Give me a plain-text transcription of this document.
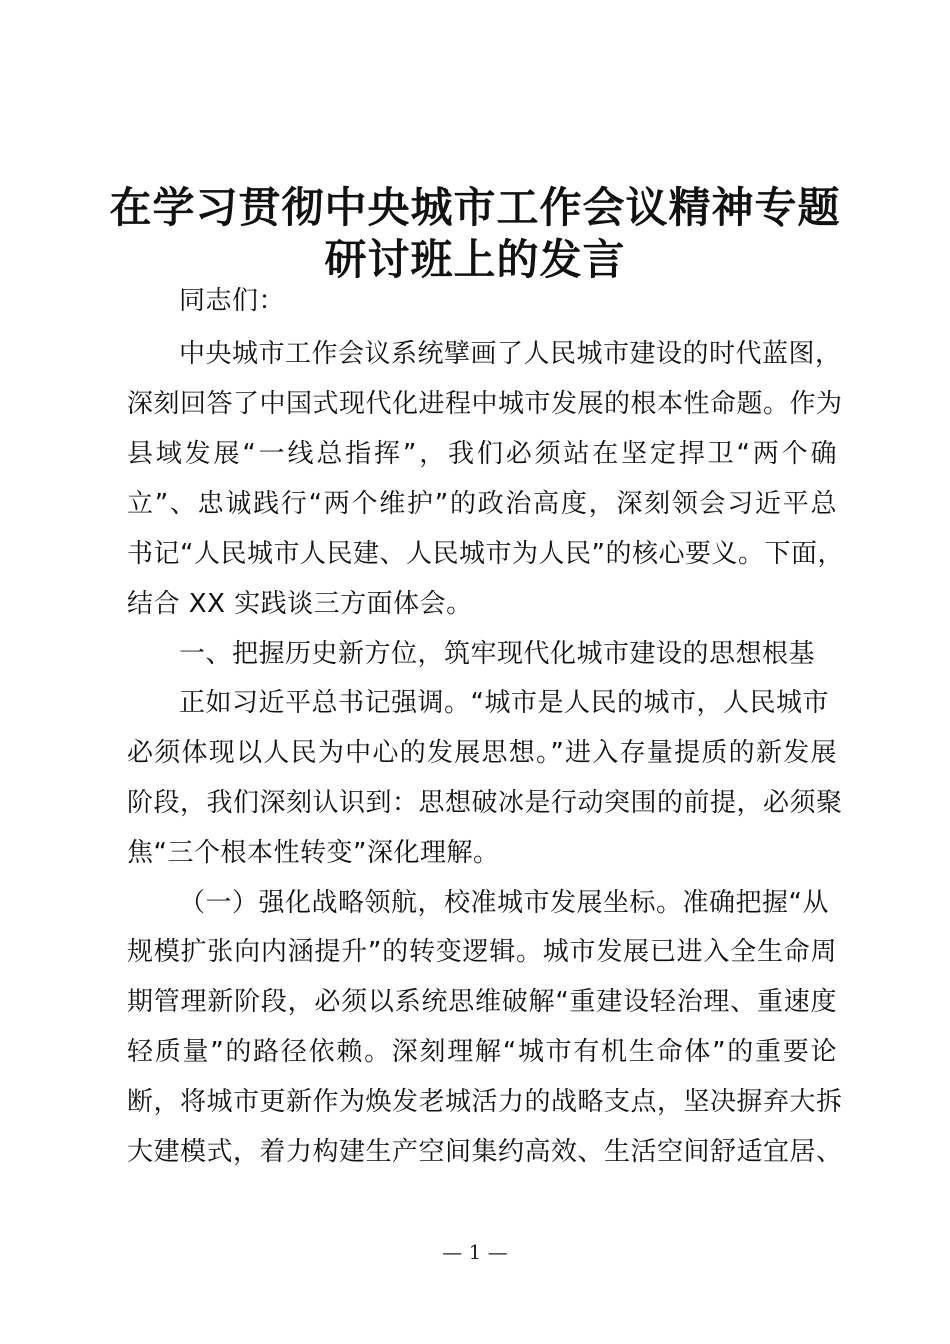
在学习贯彻中央城市工作会议精神专题
研讨班上的发言
同志们：
中央城市工作会议系统擘画了人民城市建设的时代蓝图，
深刻回答了中国式现代化进程中城市发展的根本性命题。作为
县域发展“一线总指挥”，我们必须站在坚定捍卫“两个确
立”、忠诚践行“两个维护”的政治高度，深刻领会习近平总
书记“人民城市人民建、人民城市为人民”的核心要义。下面，
结合 XX 实践谈三方面体会。
一、把握历史新方位，筑牢现代化城市建设的思想根基
正如习近平总书记强调。“城市是人民的城市，人民城市
必须体现以人民为中心的发展思想。”进入存量提质的新发展
阶段，我们深刻认识到：思想破冰是行动突围的前提，必须聚
焦“三个根本性转变”深化理解。
（一）强化战略领航，校准城市发展坐标。准确把握“从
规模扩张向内涵提升”的转变逻辑。城市发展已进入全生命周
期管理新阶段，必须以系统思维破解“重建设轻治理、重速度
轻质量”的路径依赖。深刻理解“城市有机生命体”的重要论
断，将城市更新作为焕发老城活力的战略支点，坚决摒弃大拆
大建模式，着力构建生产空间集约高效、生活空间舒适宜居、
— 1 —
